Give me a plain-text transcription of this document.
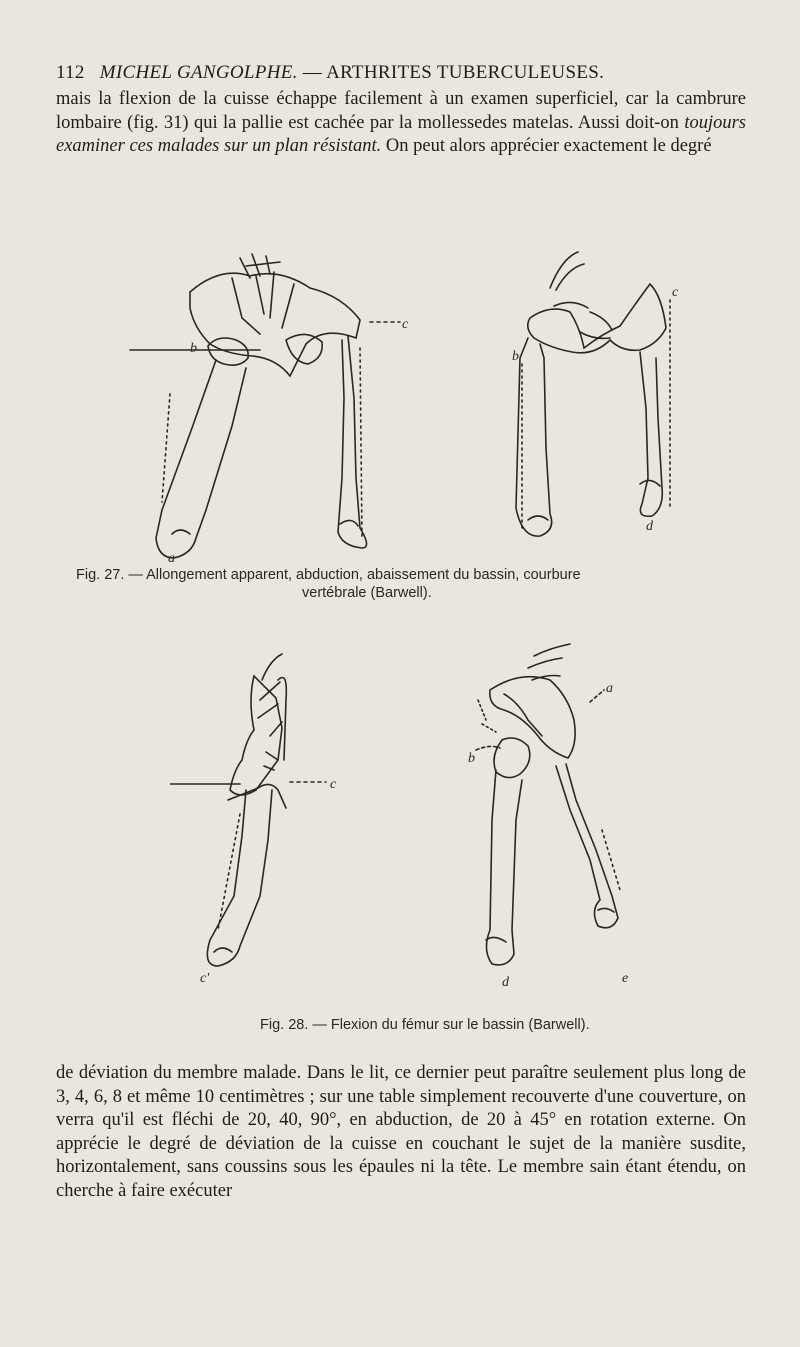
112 MICHEL GANGOLPHE. — ARTHRITES TUBERCULEUSES.
mais la flexion de la cuisse échappe facilement à un examen superficiel, car la cambrure lombaire (fig. 31) qui la pallie est cachée par la mollessedes matelas. Aussi doit-on toujours examiner ces malades sur un plan résistant. On peut alors apprécier exactement le degré
b
c
a
b
c
d
Fig. 27. — Allongement apparent, abduction, abaissement du bassin, courbure
vertébrale (Barwell).
c
c'
a
b
d	e
Fig. 28. — Flexion du fémur sur le bassin (Barwell).
de déviation du membre malade. Dans le lit, ce dernier peut paraître seulement plus long de 3, 4, 6, 8 et même 10 centimètres ; sur une table simplement recouverte d'une couverture, on verra qu'il est fléchi de 20, 40, 90°, en abduction, de 20 à 45° en rotation externe. On apprécie le degré de déviation de la cuisse en couchant le sujet de la manière susdite, horizontalement, sans coussins sous les épaules ni la tête. Le membre sain étant étendu, on cherche à faire exécuter
